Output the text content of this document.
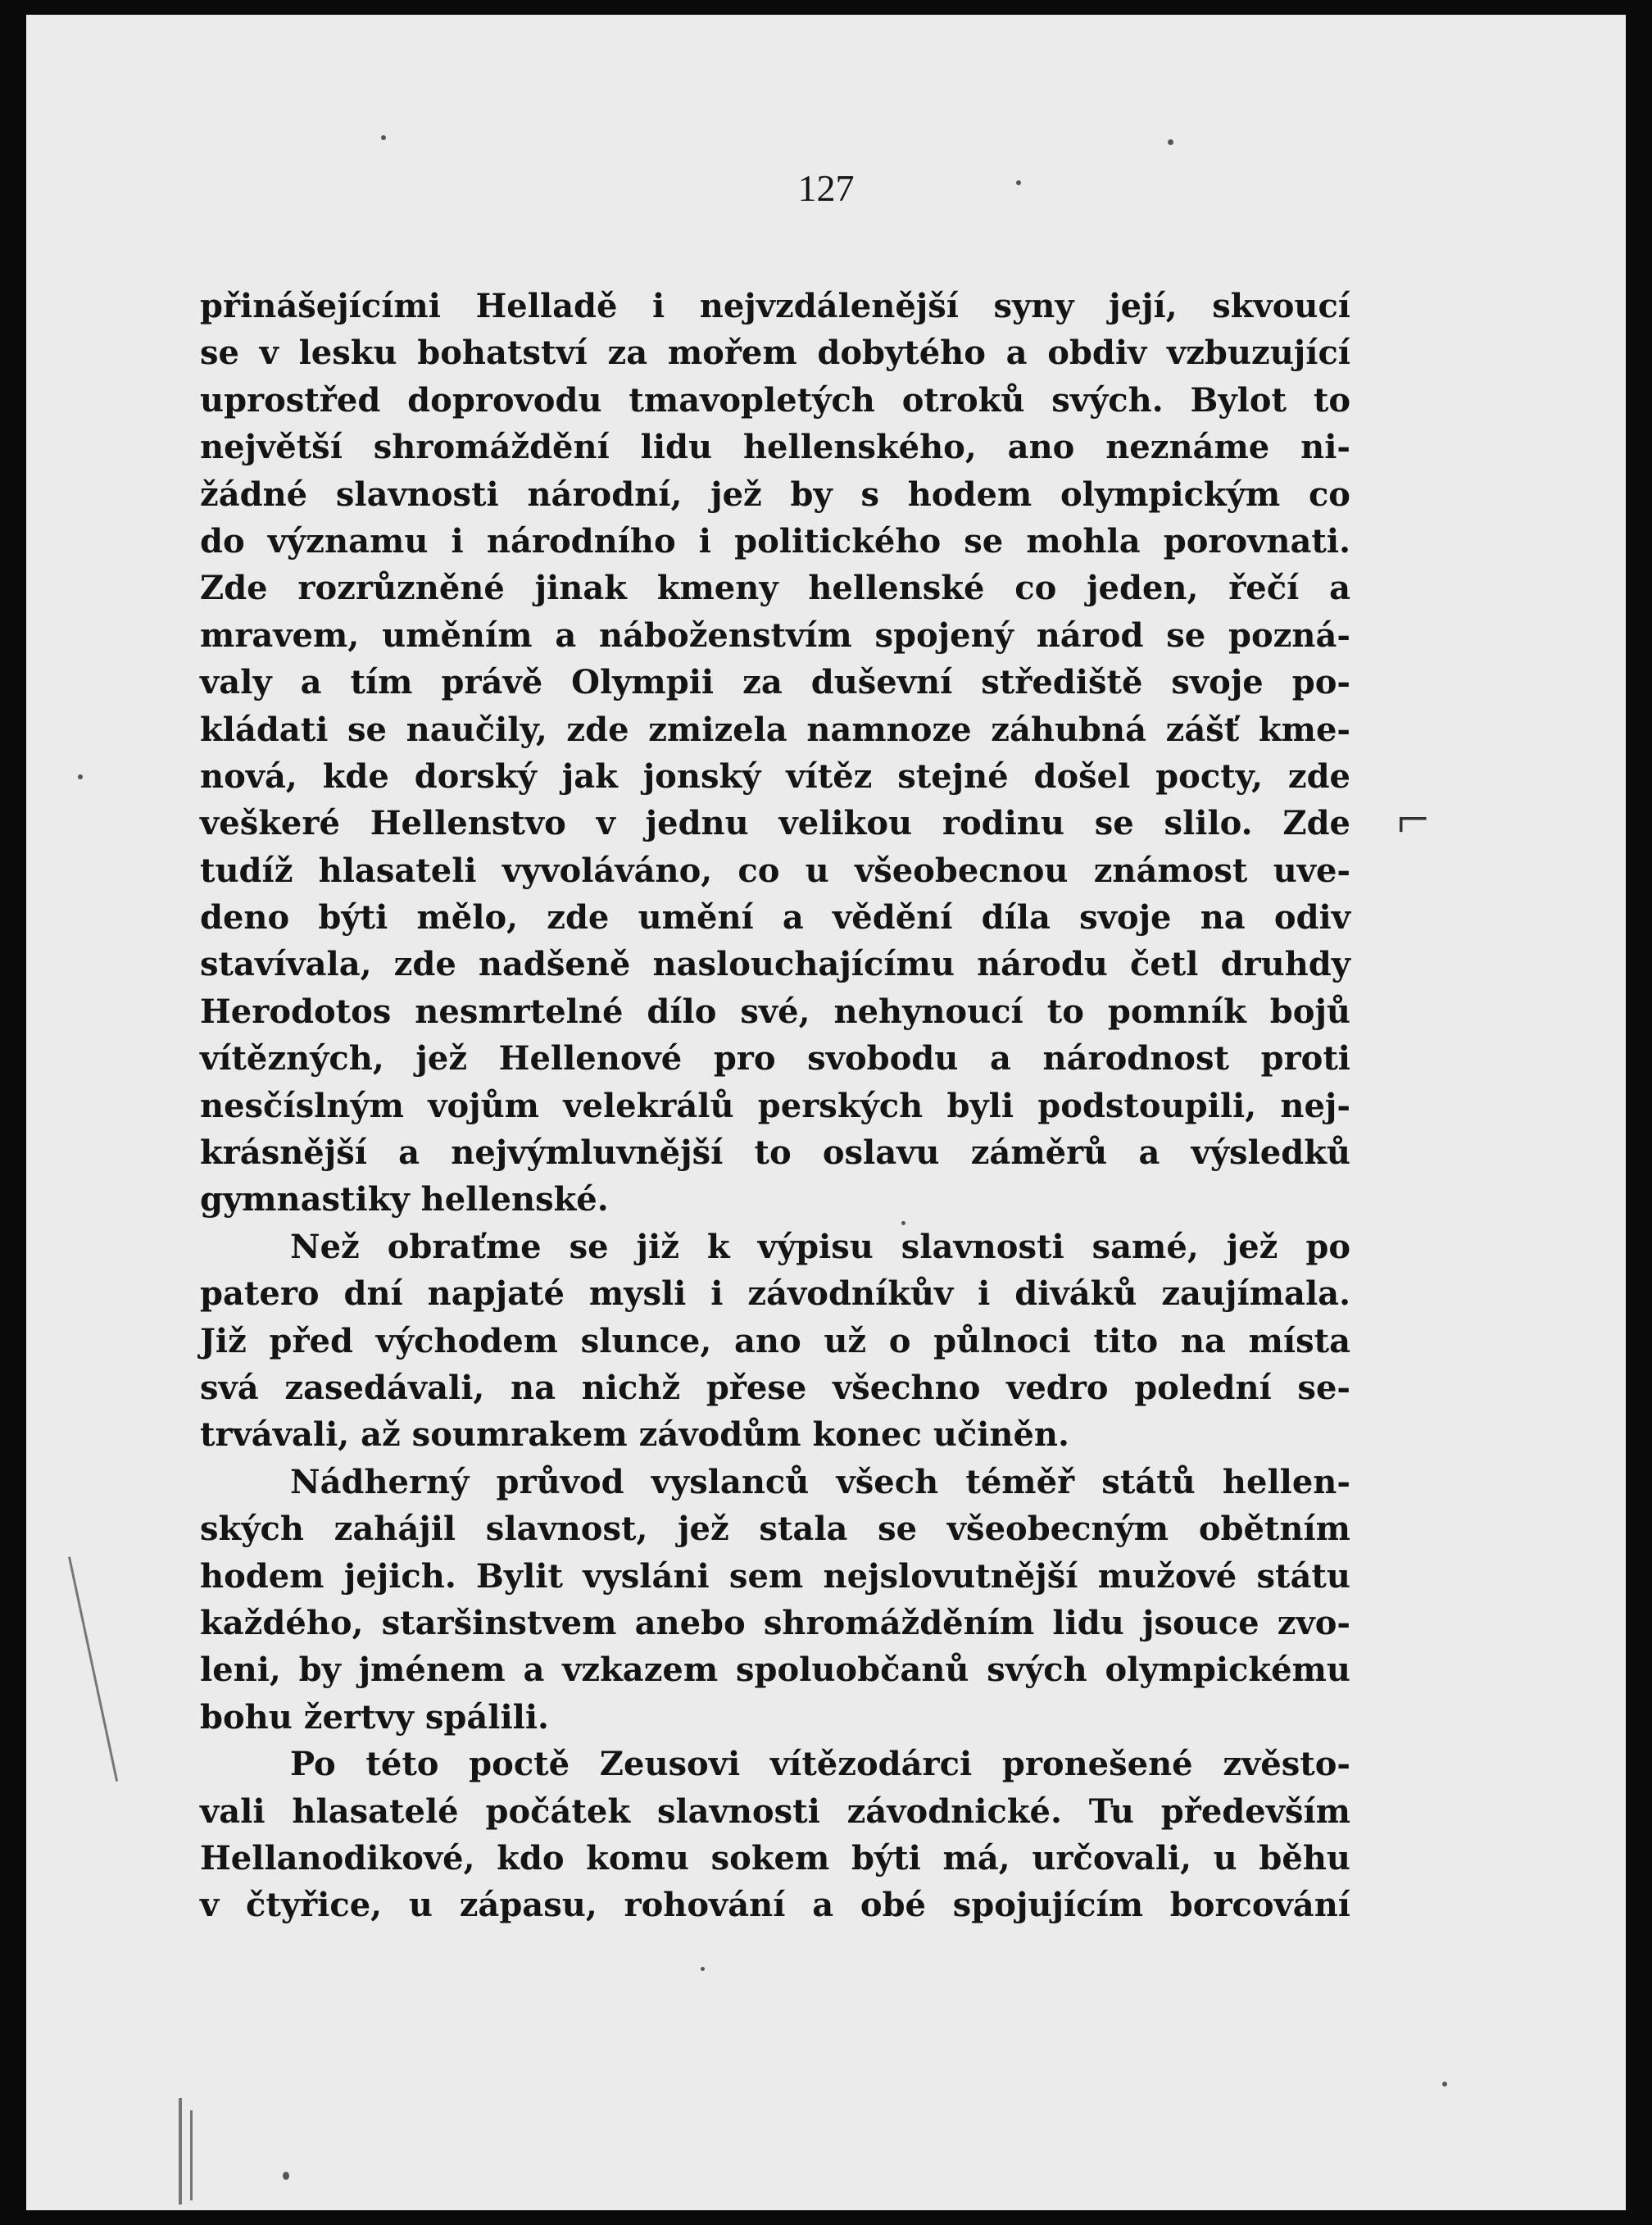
127
⌐
přinášejícími Helladě i nejvzdálenější syny její, skvoucí
se v lesku bohatství za mořem dobytého a obdiv vzbuzující
uprostřed doprovodu tmavopletých otroků svých. Bylot to
největší shromáždění lidu hellenského, ano neznáme ni-
žádné slavnosti národní, jež by s hodem olympickým co
do významu i národního i politického se mohla porovnati.
Zde rozrůzněné jinak kmeny hellenské co jeden, řečí a
mravem, uměním a náboženstvím spojený národ se pozná-
valy a tím právě Olympii za duševní střediště svoje po-
kládati se naučily, zde zmizela namnoze záhubná zášť kme-
nová, kde dorský jak jonský vítěz stejné došel pocty, zde
veškeré Hellenstvo v jednu velikou rodinu se slilo. Zde
tudíž hlasateli vyvoláváno, co u všeobecnou známost uve-
deno býti mělo, zde umění a vědění díla svoje na odiv
stavívala, zde nadšeně naslouchajícímu národu četl druhdy
Herodotos nesmrtelné dílo své, nehynoucí to pomník bojů
vítězných, jež Hellenové pro svobodu a národnost proti
nesčíslným vojům velekrálů perských byli podstoupili, nej-
krásnější a nejvýmluvnější to oslavu záměrů a výsledků
gymnastiky hellenské.
Než obraťme se již k výpisu slavnosti samé, jež po
patero dní napjaté mysli i závodníkův i diváků zaujímala.
Již před východem slunce, ano už o půlnoci tito na místa
svá zasedávali, na nichž přese všechno vedro polední se-
trvávali, až soumrakem závodům konec učiněn.
Nádherný průvod vyslanců všech téměř států hellen-
ských zahájil slavnost, jež stala se všeobecným obětním
hodem jejich. Bylit vysláni sem nejslovutnější mužové státu
každého, staršinstvem anebo shromážděním lidu jsouce zvo-
leni, by jménem a vzkazem spoluobčanů svých olympickému
bohu žertvy spálili.
Po této poctě Zeusovi vítězodárci pronešené zvěsto-
vali hlasatelé počátek slavnosti závodnické. Tu především
Hellanodikové, kdo komu sokem býti má, určovali, u běhu
v čtyřice, u zápasu, rohování a obé spojujícím borcování
